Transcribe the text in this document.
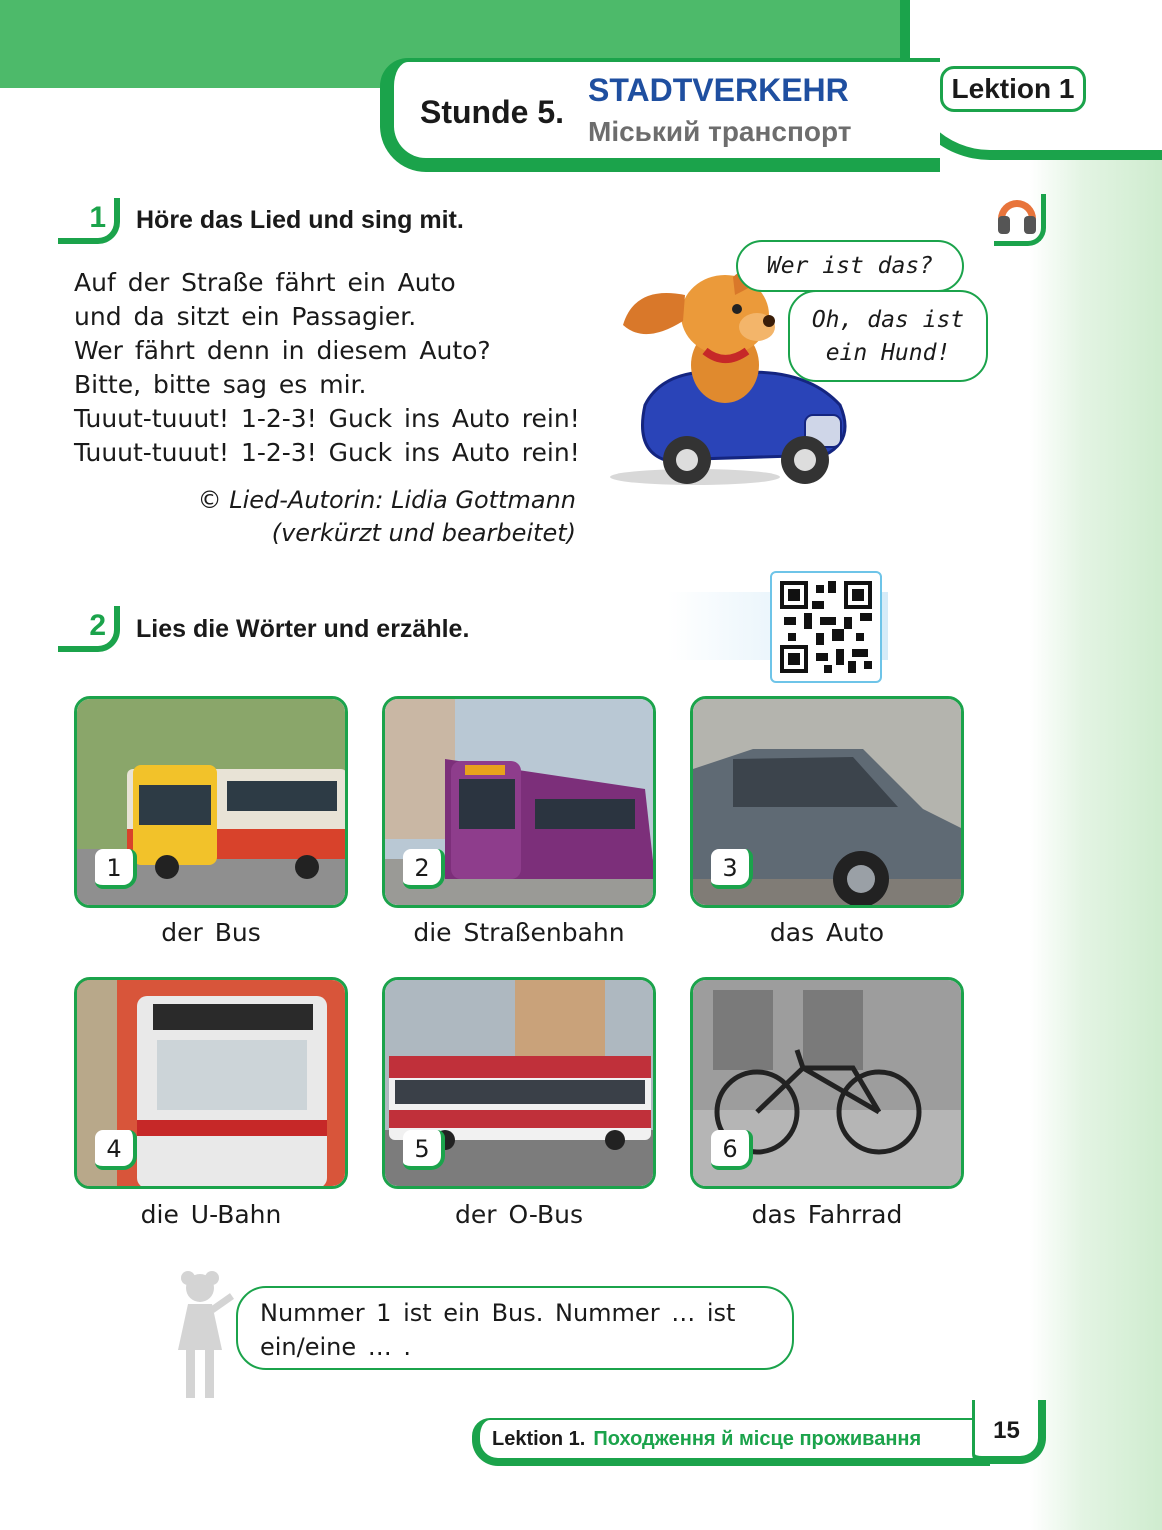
Lektion 1
Stunde 5.
STADTVERKEHR
Міський транспорт
1	Höre das Lied und sing mit.
Auf der Straße fährt ein Auto
und da sitzt ein Passagier.
Wer fährt denn in diesem Auto?
Bitte, bitte sag es mir.
Tuuut-tuuut! 1-2-3! Guck ins Auto rein!
Tuuut-tuuut! 1-2-3! Guck ins Auto rein!
© Lied-Autorin: Lidia Gottmann
(verkürzt und bearbeitet)
Wer ist das?
Oh, das ist
ein Hund!
2	Lies die Wörter und erzähle.
1
der Bus
2
die Straßenbahn
3
das Auto
4
die U-Bahn
5
der O-Bus
6
das Fahrrad
Nummer 1 ist ein Bus. Nummer … ist
ein/eine … .
Lektion 1. Походження й місце проживання	15
